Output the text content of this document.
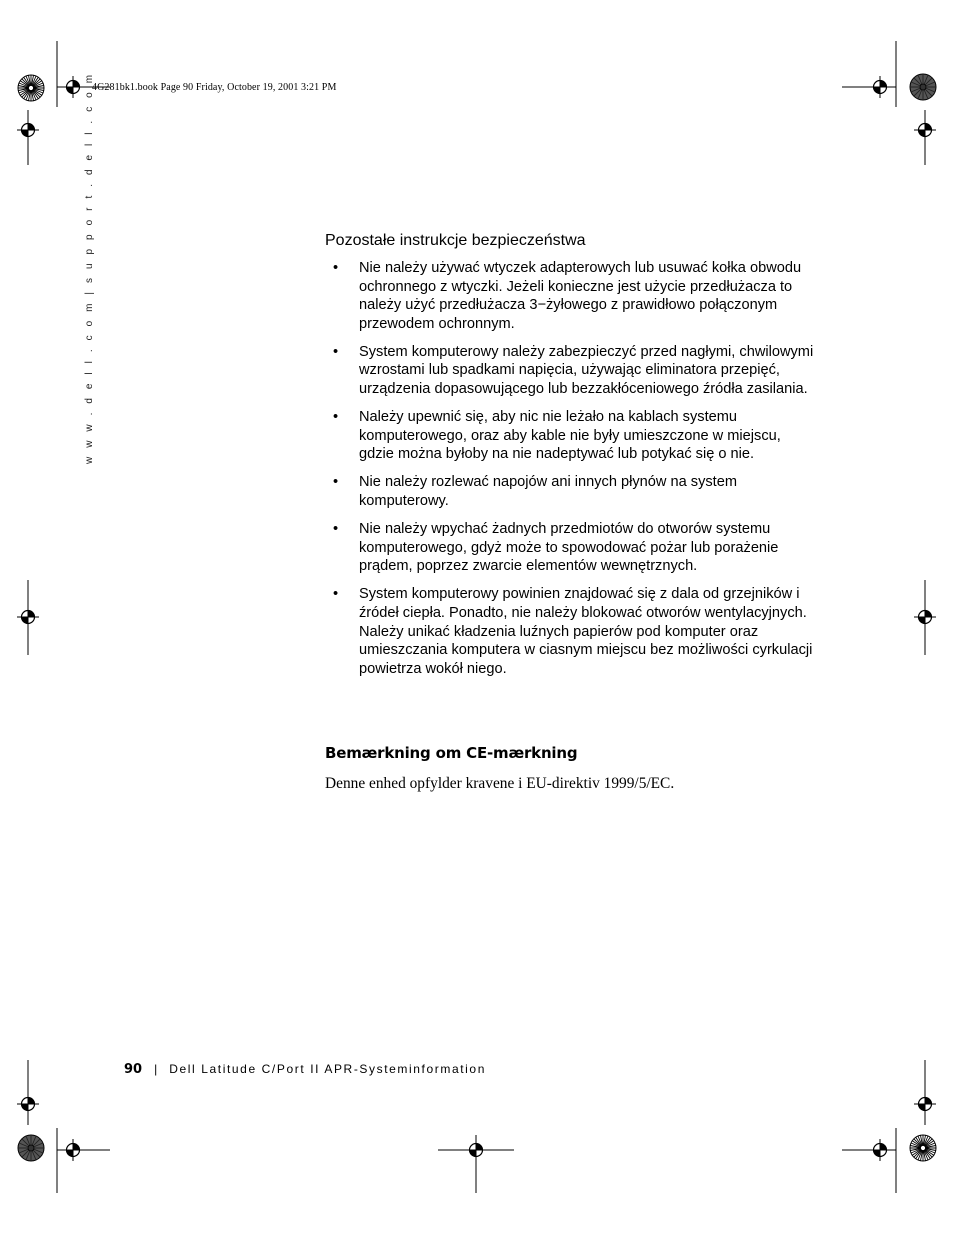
4G281bk1.book Page 90 Friday, October 19, 2001 3:21 PM
w w w . d e l l . c o m | s u p p o r t . d e l l . c o m	Pozostałe instrukcje bezpieczeństwa
• Nie należy używać wtyczek adapterowych lub usuwać kołka obwodu ochronnego z wtyczki. Jeżeli konieczne jest użycie przedłużacza to należy użyć przedłużacza 3−żyłowego z prawidłowo połączonym przewodem ochronnym.
• System komputerowy należy zabezpieczyć przed nagłymi, chwilowymi wzrostami lub spadkami napięcia, używając eliminatora przepięć, urządzenia dopasowującego lub bezzakłóceniowego źródła zasilania.
• Należy upewnić się, aby nic nie leżało na kablach systemu komputerowego, oraz aby kable nie były umieszczone w miejscu, gdzie można byłoby na nie nadeptywać lub potykać się o nie.
• Nie należy rozlewać napojów ani innych płynów na system komputerowy.
• Nie należy wpychać żadnych przedmiotów do otworów systemu komputerowego, gdyż może to spowodować pożar lub porażenie prądem, poprzez zwarcie elementów wewnętrznych.
• System komputerowy powinien znajdować się z dala od grzejników i źródeł ciepła. Ponadto, nie należy blokować otworów wentylacyjnych. Należy unikać kładzenia luźnych papierów pod komputer oraz umieszczania komputera w ciasnym miejscu bez możliwości cyrkulacji powietrza wokół niego.
Bemærkning om CE-mærkning
Denne enhed opfylder kravene i EU-direktiv 1999/5/EC.
90 | Dell Latitude C/Port II APR-Systeminformation
